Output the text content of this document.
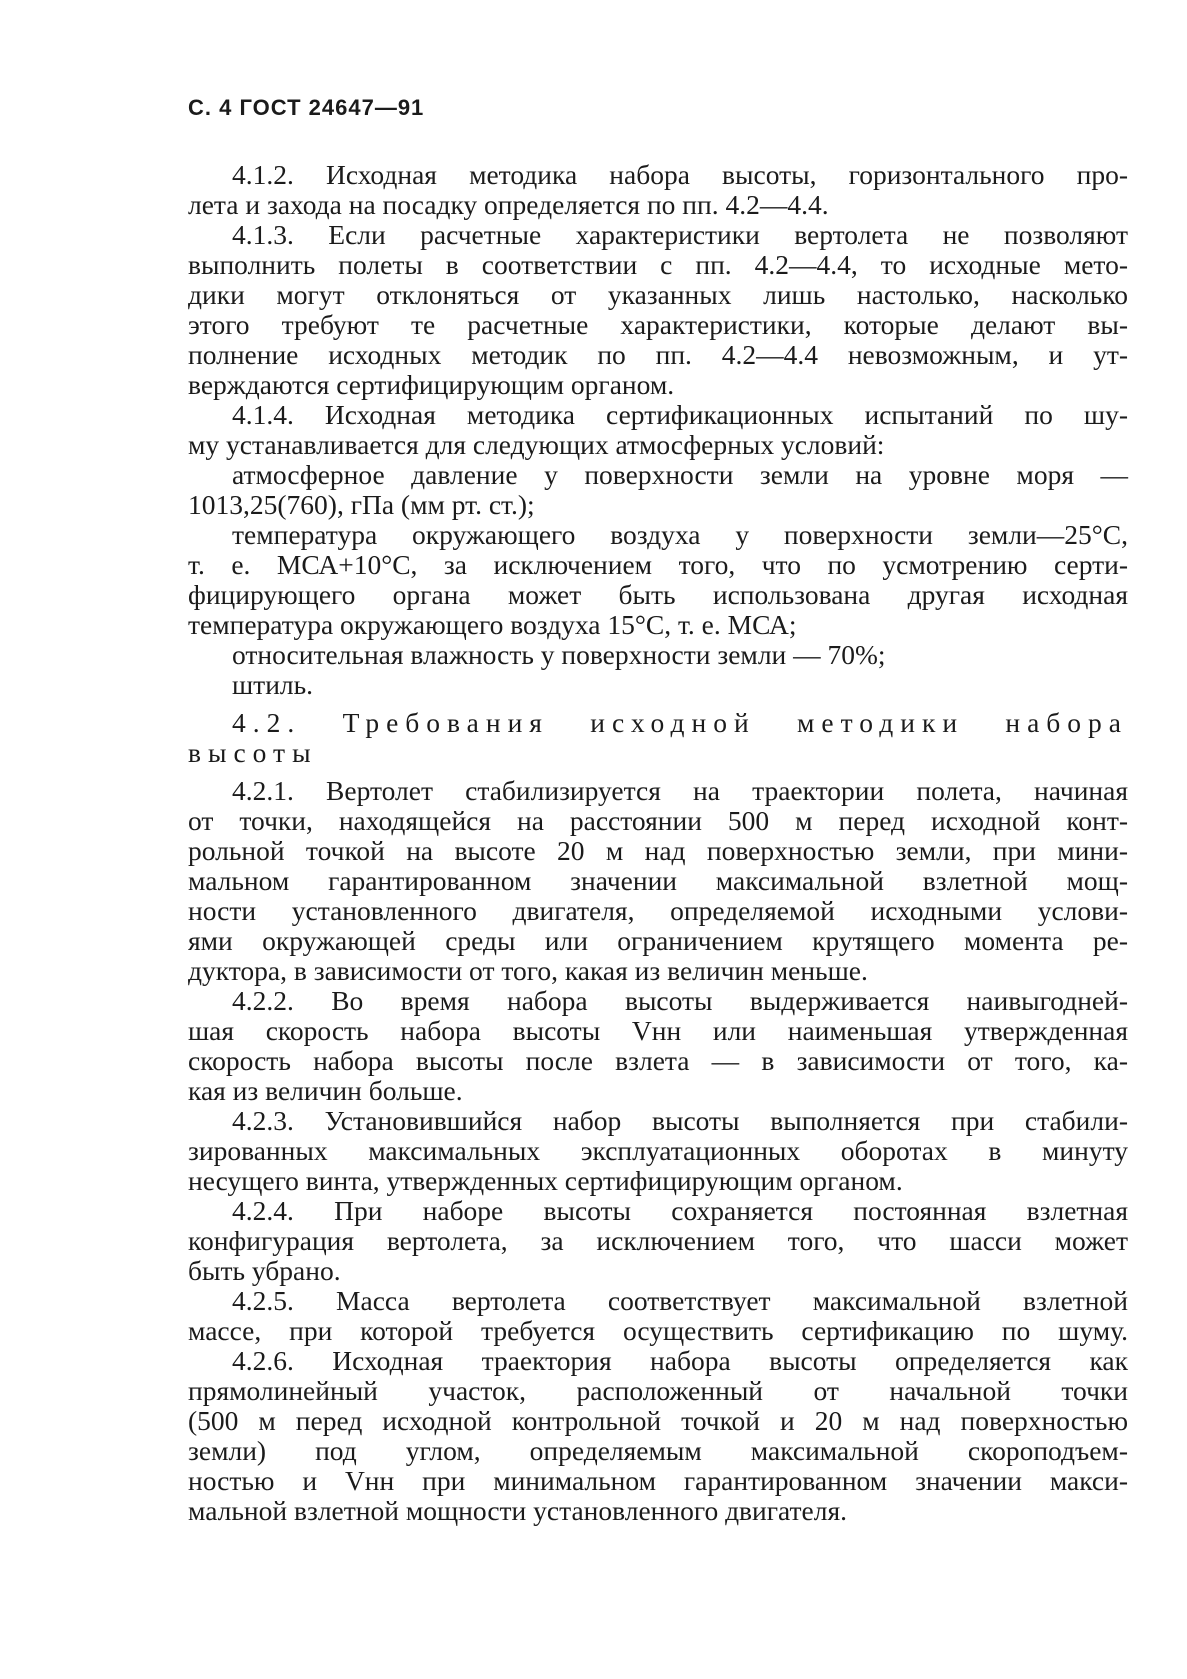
С. 4 ГОСТ 24647—91
4.1.2. Исходная методика набора высоты, горизонтального про-
лета и захода на посадку определяется по пп. 4.2—4.4.
4.1.3. Если расчетные характеристики вертолета не позволяют
выполнить полеты в соответствии с пп. 4.2—4.4, то исходные мето-
дики могут отклоняться от указанных лишь настолько, насколько
этого требуют те расчетные характеристики, которые делают вы-
полнение исходных методик по пп. 4.2—4.4 невозможным, и ут-
верждаются сертифицирующим органом.
4.1.4. Исходная методика сертификационных испытаний по шу-
му устанавливается для следующих атмосферных условий:
атмосферное давление у поверхности земли на уровне моря —
1013,25(760), гПа (мм рт. ст.);
температура окружающего воздуха у поверхности земли—25°С,
т. е. МСА+10°С, за исключением того, что по усмотрению серти-
фицирующего органа может быть использована другая исходная
температура окружающего воздуха 15°С, т. е. МСА;
относительная влажность у поверхности земли — 70%;
штиль.
4.2. Требования исходной методики набора
высоты
4.2.1. Вертолет стабилизируется на траектории полета, начиная
от точки, находящейся на расстоянии 500 м перед исходной конт-
рольной точкой на высоте 20 м над поверхностью земли, при мини-
мальном гарантированном значении максимальной взлетной мощ-
ности установленного двигателя, определяемой исходными услови-
ями окружающей среды или ограничением крутящего момента ре-
дуктора, в зависимости от того, какая из величин меньше.
4.2.2. Во время набора высоты выдерживается наивыгодней-
шая скорость набора высоты Vнн или наименьшая утвержденная
скорость набора высоты после взлета — в зависимости от того, ка-
кая из величин больше.
4.2.3. Установившийся набор высоты выполняется при стабили-
зированных максимальных эксплуатационных оборотах в минуту
несущего винта, утвержденных сертифицирующим органом.
4.2.4. При наборе высоты сохраняется постоянная взлетная
конфигурация вертолета, за исключением того, что шасси может
быть убрано.
4.2.5. Масса вертолета соответствует максимальной взлетной
массе, при которой требуется осуществить сертификацию по шуму.
4.2.6. Исходная траектория набора высоты определяется как
прямолинейный участок, расположенный от начальной точки
(500 м перед исходной контрольной точкой и 20 м над поверхностью
земли) под углом, определяемым максимальной скороподъем-
ностью и Vнн при минимальном гарантированном значении макси-
мальной взлетной мощности установленного двигателя.
